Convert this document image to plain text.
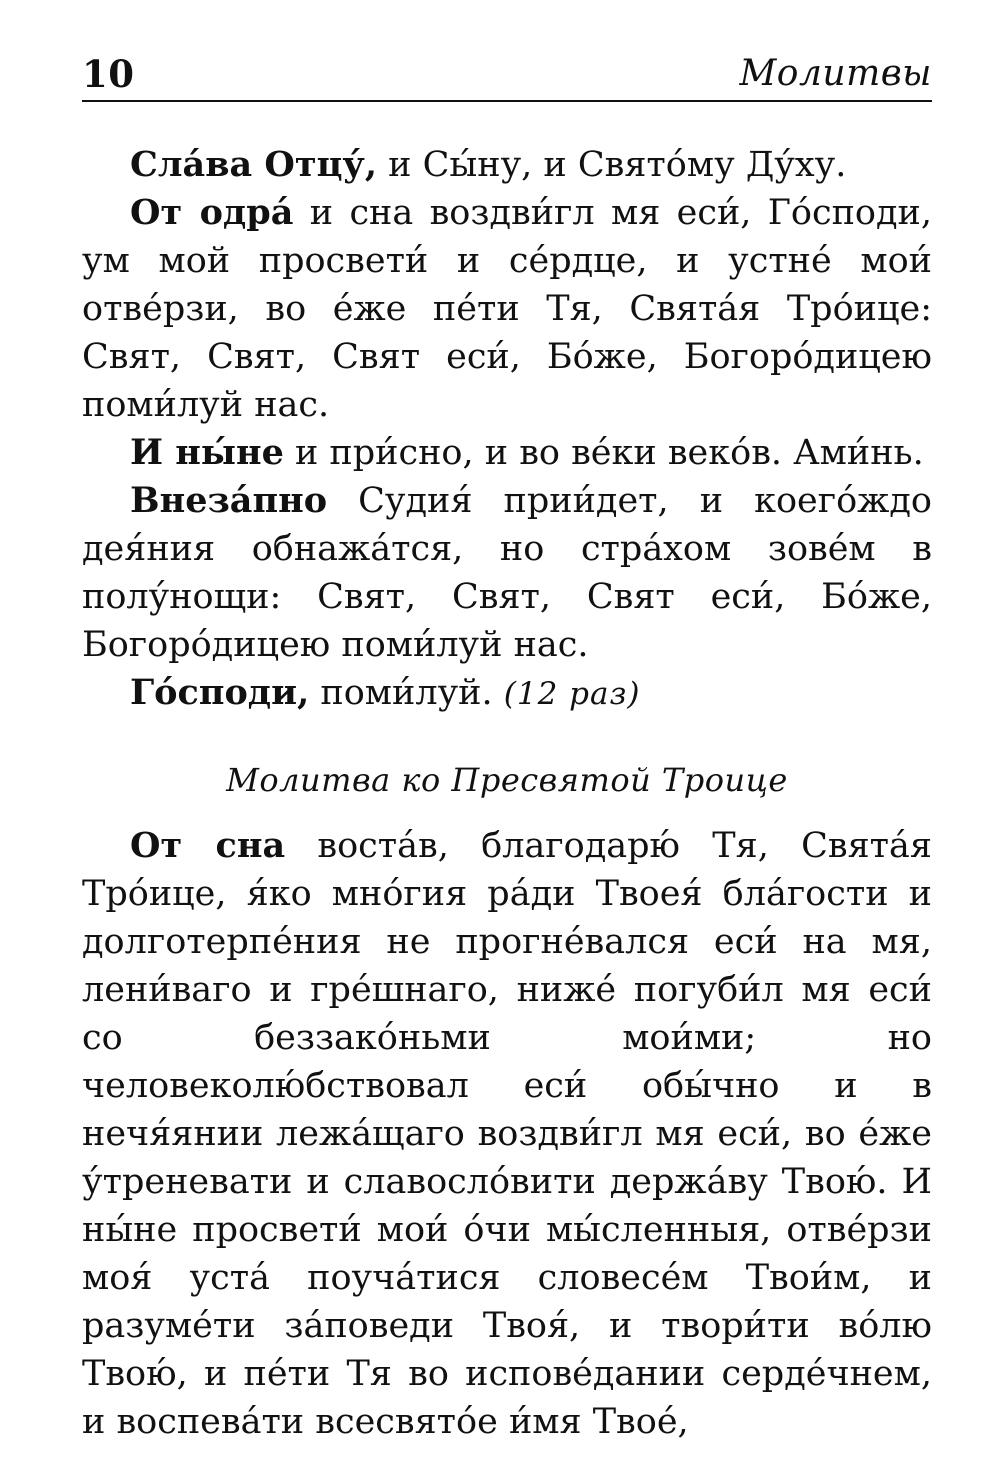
10	Молитвы

Сла́ва Отцу́, и Сы́ну, и Свято́му Ду́ху.

От одра́ и сна воздви́гл мя еси́, Го́споди, ум мой просвети́ и се́рдце, и устне́ мои́ отве́рзи, во е́же пе́ти Тя, Свята́я Тро́ице: Свят, Свят, Свят еси́, Бо́же, Богоро́дицею поми́луй нас.

И ны́не и при́сно, и во ве́ки веко́в. Ами́нь.

Внеза́пно Судия́ прии́дет, и коего́ждо дея́ния обнажа́тся, но стра́хом зове́м в полу́нощи: Свят, Свят, Свят еси́, Бо́же, Богоро́дицею поми́луй нас.

Го́споди, поми́луй. (12 раз)

Молитва ко Пресвятой Троице

От сна воста́в, благодарю́ Тя, Свята́я Тро́ице, я́ко мно́гия ра́ди Твоея́ бла́гости и долготерпе́ния не прогне́вался еси́ на мя, лени́ваго и гре́шнаго, ниже́ погуби́л мя еси́ со беззако́ньми мои́ми; но человеколю́бствовал еси́ обы́чно и в нечя́янии лежа́щаго воздви́гл мя еси́, во е́же у́треневати и славосло́вити держа́ву Твою́. И ны́не просвети́ мои́ о́чи мы́сленныя, отве́рзи моя́ уста́ поуча́тися словесе́м Твои́м, и разуме́ти за́поведи Твоя́, и твори́ти во́лю Твою́, и пе́ти Тя во испове́дании серде́чнем, и воспева́ти всесвято́е и́мя Твое́,
